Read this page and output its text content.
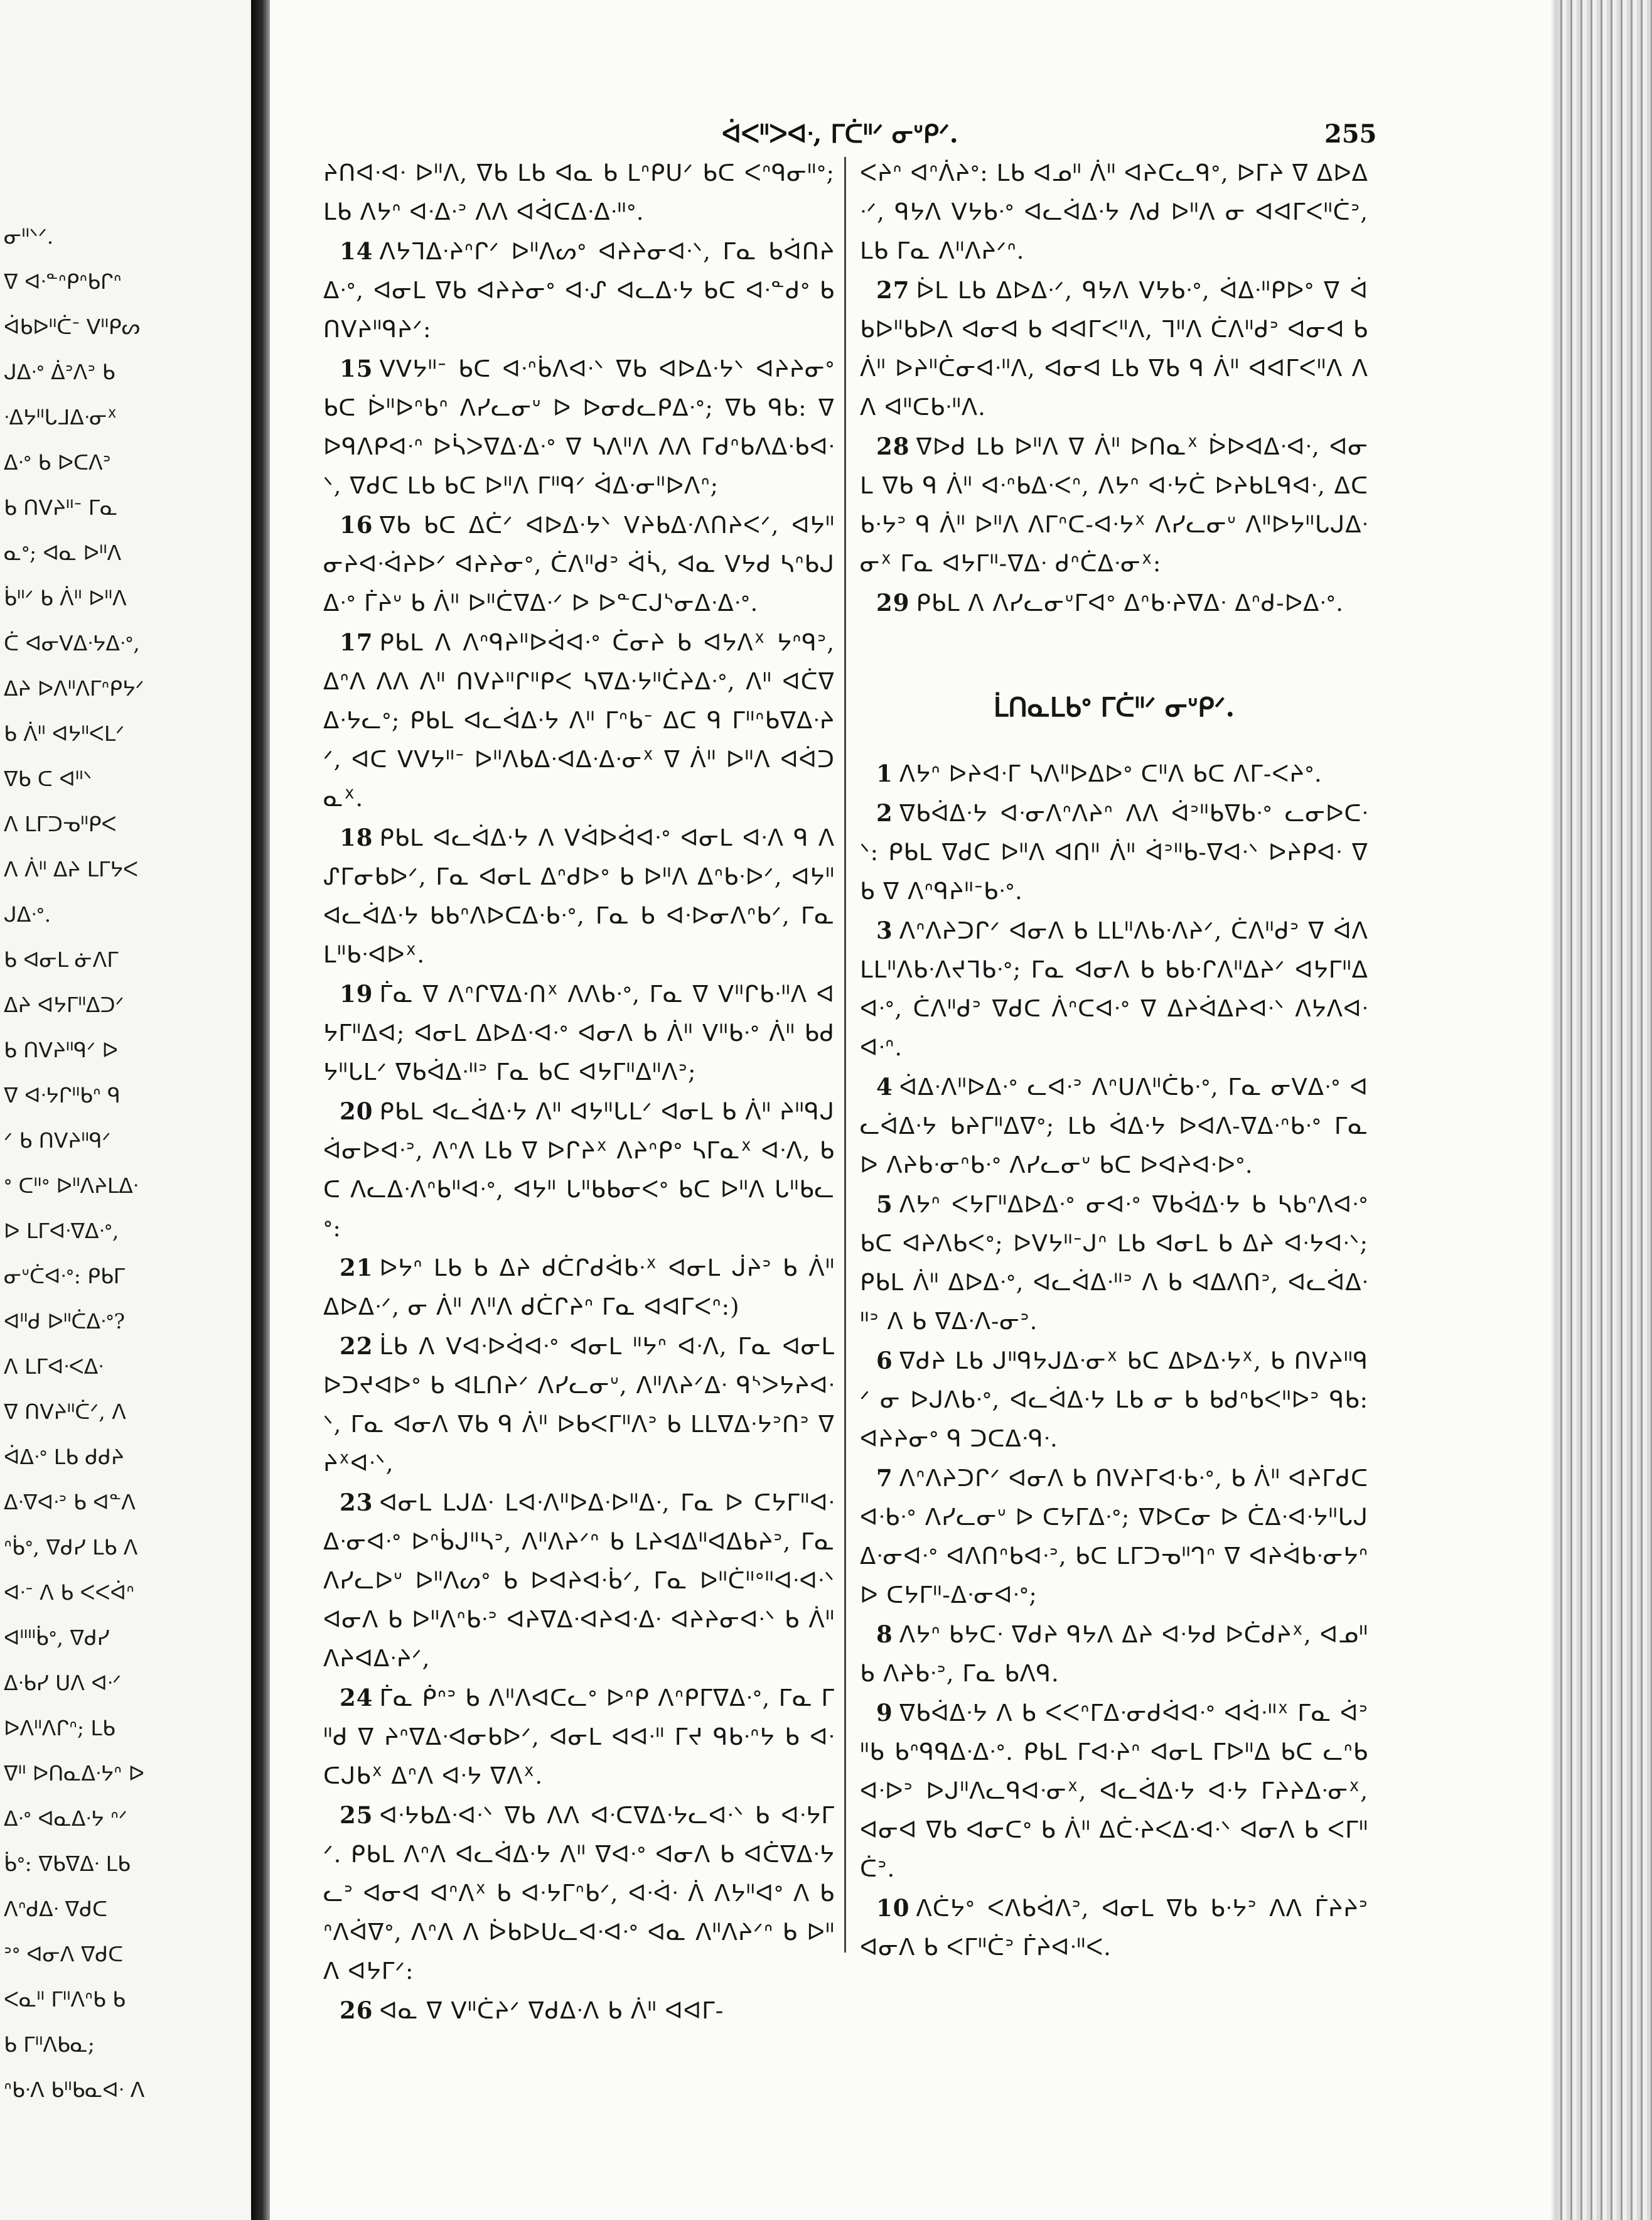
ᓂᐦᐠᐟ.
ᐁ ᐊᐧᓐᐢᑭᐢᑲᒋᐢ
ᐋᑲᐅᐦᑖᐨ ᐯᐦᑭᔕ
ᒍᐃᐧᐤ ᐄᐣᐱᐣ ᑲ
ᐧᐃᔭᐦᒐᒧᐃᐧᓂᕽ
ᐃᐧᐤ ᑲ ᐅᑕᐱᐣ
ᑲ ᑎᐯᔨᐦᐨ ᒥᓇ
ᓇᐤ; ᐊᓇ ᐅᐦᐱ
ᑳᐦᐟ ᑲ ᐲᐦ ᐅᐦᐱ
ᑖ ᐊᓂᐯᐃᐧᔭᐃᐧᐤ,
ᐃᔨ ᐅᐱᐦᐱᒥᐢᑭᔭᐟ
ᑲ ᐲᐦ ᐊᔭᐦᐸᒪᐟ
ᐁᑲ ᑕ ᐊᐦᐠ
ᐱ ᒪᒥᑐᓀᐦᑭᐸ
ᐱ ᐲᐦ ᐃᔨ ᒪᒥᔭᐸ
ᒍᐃᐧᐤ.
ᑲ ᐊᓂᒪ ᓃᐱᒥ
ᐃᔨ ᐊᔭᒥᐦᐃᑐᐟ
ᑲ ᑎᐯᔨᐦᑫᐟ ᐅ
ᐁ ᐊᐧᔭᒋᐦᑲᐢ ᑫ
ᐟ ᑲ ᑎᐯᔨᐦᑫᐟ
ᐤ ᑕᐦᐤ ᐅᐦᐱᔨᒪᐃᐧ
ᐅ ᒪᒥᐊᐧᐁᐃᐧᐤ,
ᓂᐡᑖᐊᐧᐤ: ᑭᑲᒥ
ᐊᐦᑯ ᐅᐦᑖᐃᐧᐤ?
ᐱ ᒪᒥᐊᐧᐸᐃᐧ
ᐁ ᑎᐯᔨᐦᑖᐟ, ᐱ
ᐋᐃᐧᐤ ᒪᑲ ᑯᑯᔨ
ᐃᐧᐁᐊᐧᐣ ᑲ ᐊᓐᐱ
ᐢᑳᐤ, ᐁᑯᓯ ᒪᑲ ᐱ
ᐊᐧᐨ ᐱ ᑲ ᐸᐸᐋᐢ
ᐊᐦᐦᑳᐤ, ᐁᑯᓯ
ᐃᐧᑲᓯ ᑌᐱ ᐊᐧᐟ
ᐅᐱᐦᐱᒋᐢ; ᒪᑲ
ᐁᐦ ᐅᑎᓇᐃᐧᔭᐢ ᐅ
ᐃᐧᐤ ᐊᓇᐃᐧᔭ ᐢᐟ
ᑳᐤ: ᐁᑲᐁᐃᐧ ᒪᑲ
ᐱᐢᑯᐃᐧ ᐁᑯᑕ
ᐣᐤ ᐊᓂᐱ ᐁᑯᑕ
ᐸᓇᐦ ᒥᐦᐱᐢᑲ ᑲ
ᑲ ᒥᐦᐱᑲᓇ;
ᐢᑲᐧᐱ ᑲᐦᑲᓇᐊᐧ ᐱ
ᐋᐸᐦᐳᐊᐧ, ᒥᑖᐦᐟ ᓂᐡᑭᐟ.	255

ᔨᑎᐊᐧᐊᐧ ᐅᐦᐱ, ᐁᑲ ᒪᑲ ᐊᓇ ᑲ ᒪᐢᑭᑌᐟ ᑲᑕ ᐸᐢᑫᓂᐦᐤ; ᒪᑲ ᐱᔭᐢ ᐊᐧᐃᐧᐣ ᐱᐱ ᐊᐋᑕᐃᐧᐃᐧᐦᐤ.

14 ᐱᔭᒣᐃᐧᔨᐢᒋᐟ ᐅᐦᐱᔕᐤ ᐊᔨᔨᓂᐊᐧᐠ, ᒥᓇ ᑲᐋᑎᔨᐃᐧᐤ, ᐊᓂᒪ ᐁᑲ ᐊᔨᔨᓂᐤ ᐊᐧᔑ ᐊᓚᐃᐧᔭ ᑲᑕ ᐊᐧᓐᑯᐤ ᑲ ᑎᐯᔨᐦᑫᔨᐟ:

15 ᐯᐯᔭᐦᐨ ᑲᑕ ᐊᐧᐢᑳᐱᐊᐧᐠ ᐁᑲ ᐊᐅᐃᐧᔭᐠ ᐊᔨᔨᓂᐤ ᑲᑕ ᐆᐦᐅᐢᑲᐢ ᐱᓯᓚᓂᐡ ᐅ ᐅᓂᑯᓚᑭᐃᐧᐤ; ᐁᑲ ᑫᑲ: ᐁ ᐅᑫᐱᑭᐊᐧᐢ ᐅᓵᐳᐁᐃᐧᐃᐧᐤ ᐁ ᓴᐱᐦᐱ ᐱᐱ ᒥᑯᐢᑲᐱᐃᐧᑲᐊᐧᐠ, ᐁᑯᑕ ᒪᑲ ᑲᑕ ᐅᐦᐱ ᒥᐦᑫᐟ ᐋᐃᐧᓂᐦᐅᐱᐢ;

16 ᐁᑲ ᑲᑕ ᐃᑖᐟ ᐊᐅᐃᐧᔭᐠ ᐯᔨᑲᐃᐧᐱᑎᔨᐸᐟ, ᐊᔭᐦ ᓂᔨᐊᐧᐋᔨᐅᐟ ᐊᔨᔨᓂᐤ, ᑖᐱᐦᑯᐣ ᐋᓵ, ᐊᓇ ᐯᔭᑯ ᓴᐢᑲᒍᐃᐧᐤ ᒦᔨᐡ ᑲ ᐲᐦ ᐅᐦᑖᐁᐃᐧᐟ ᐅ ᐅᓐᑕᒍᔅᓂᐃᐧᐃᐧᐤ.

17 ᑭᑲᒪ ᐱ ᐱᐢᑫᔨᐦᐅᐋᐊᐧᐤ ᑖᓂᔨ ᑲ ᐊᔭᐱᕽ ᔭᐢᑫᐣ, ᐃᐢᐱ ᐱᐱ ᐱᐦ ᑎᐯᔨᐦᒋᐦᑭᐸ ᓴᐁᐃᐧᔭᐦᑖᔨᐃᐧᐤ, ᐱᐦ ᐊᑖᐁᐃᐧᔭᓚᐤ; ᑭᑲᒪ ᐊᓚᐋᐃᐧᔭ ᐱᐦ ᒥᐢᑲᐨ ᐃᑕ ᑫ ᒥᐦᐢᑲᐁᐃᐧᔨᐟ, ᐊᑕ ᐯᐯᔭᐦᐨ ᐅᐦᐱᑲᐃᐧᐊᐃᐧᐃᐧᓂᕽ ᐁ ᐲᐦ ᐅᐦᐱ ᐊᐋᑐᓇᕽ.

18 ᑭᑲᒪ ᐊᓚᐋᐃᐧᔭ ᐱ ᐯᐋᐅᐋᐊᐧᐤ ᐊᓂᒪ ᐊᐧᐱ ᑫ ᐱᔑᒥᓂᑲᐅᐟ, ᒥᓇ ᐊᓂᒪ ᐃᐢᑯᐅᐤ ᑲ ᐅᐦᐱ ᐃᐢᑲᐧᐅᐟ, ᐊᔭᐦ ᐊᓚᐋᐃᐧᔭ ᑲᑲᐢᐱᐅᑕᐃᐧᑲᐧᐤ, ᒥᓇ ᑲ ᐊᐧᐅᓂᐱᐢᑲᐟ, ᒥᓇ ᒪᐦᑲᐧᐊᐅᕽ.

19 ᒦᓇ ᐁ ᐱᐢᒋᐁᐃᐧᑎᕽ ᐱᐱᑲᐧᐤ, ᒥᓇ ᐁ ᐯᐦᒋᑲᐧᐦᐱ ᐊᔭᒥᐦᐃᐊ; ᐊᓂᒪ ᐃᐅᐃᐧᐊᐧᐤ ᐊᓂᐱ ᑲ ᐲᐦ ᐯᐦᑲᐧᐤ ᐲᐦ ᑲᑯᔭᐦᒐᒪᐟ ᐁᑲᐋᐃᐧᐦᐣ ᒥᓇ ᑲᑕ ᐊᔭᒥᐦᐃᐦᐱᐣ;

20 ᑭᑲᒪ ᐊᓚᐋᐃᐧᔭ ᐱᐦ ᐊᔭᐦᒐᒪᐟ ᐊᓂᒪ ᑲ ᐲᐦ ᔨᐦᑫᒍᐋᓂᐅᐊᐧᐣ, ᐱᐢᐱ ᒪᑲ ᐁ ᐅᒋᔨᕽ ᐱᔨᐢᑭᐤ ᓴᒥᓇᕽ ᐊᐧᐱ, ᑲᑕ ᐱᓚᐃᐧᐱᐢᑲᐦᐊᐧᐤ, ᐊᔭᐦ ᒐᐦᑲᑲᓂᐸᐤ ᑲᑕ ᐅᐦᐱ ᒐᐦᑲᓚᐤ:

21 ᐅᔭᐢ ᒪᑲ ᑲ ᐃᔨ ᑯᑖᒋᑯᐋᑲᐧᕽ ᐊᓂᒪ ᒎᔨᐣ ᑲ ᐲᐦ ᐃᐅᐃᐧᐟ, ᓂ ᐲᐦ ᐱᐦᐱ ᑯᑖᒋᔨᐢ ᒥᓇ ᐊᐊᒥᐸᐢ:)

22 ᒫᑲ ᐱ ᐯᐊᐧᐅᐋᐊᐧᐤ ᐊᓂᒪ ᐦᔭᐢ ᐊᐧᐱ, ᒥᓇ ᐊᓂᒪ ᐅᑐᔪᐊᐅᐤ ᑲ ᐊᒪᑎᔨᐟ ᐱᓯᓚᓂᐡ, ᐱᐦᐱᔨᐟᐃᐧ ᑫᔅᐳᔭᔨᐊᐧᐠ, ᒥᓇ ᐊᓂᐱ ᐁᑲ ᑫ ᐲᐦ ᐅᑲᐸᒥᐦᐱᐣ ᑲ ᒪᒪᐁᐃᐧᔭᐣᑎᐣ ᐁᔨᕽᐊᐧᐠ,

23 ᐊᓂᒪ ᒪᒍᐃᐧ ᒪᐊᐧᐱᐦᐅᐃᐧᐅᐦᐃᐧ, ᒥᓇ ᐅ ᑕᔭᒥᐦᐊᐧᐃᐧᓂᐊᐧᐤ ᐅᐢᑳᒍᐦᓴᐣ, ᐱᐦᐱᔨᐟᐢ ᑲ ᒪᔨᐊᐃᐦᐊᐃᑲᔨᐣ, ᒥᓇ ᐱᓯᓚᐅᐡ ᐅᐦᐱᔕᐤ ᑲ ᐅᐊᔨᐊᐧᑳᐟ, ᒥᓇ ᐅᐦᑖᐦᐤᐦᐊᐧᐊᐧᐠ ᐊᓂᐱ ᑲ ᐅᐦᐱᐢᑲᐧᐣ ᐊᔨᐁᐃᐧᐊᔨᐊᐧᐃᐧ ᐊᔨᔨᓂᐊᐧᐠ ᑲ ᐲᐦ ᐱᔨᐊᐃᐧᔨᐟ,

24 ᒦᓇ ᑮᐢᐣ ᑲ ᐱᐦᐱᐊᑕᓚᐤ ᐅᐢᑭ ᐱᐢᑭᒥᐁᐃᐧᐤ, ᒥᓇ ᒥᐦᑯ ᐁ ᔨᐢᐁᐃᐧᐊᓂᑲᐅᐟ, ᐊᓂᒪ ᐊᐊᐧᐦ ᒥᔪ ᑫᑲᐧᐢᔭ ᑲ ᐊᐧᑕᒍᑲᕽ ᐃᐢᐱ ᐊᐧᔭ ᐁᐱᕽ.

25 ᐊᐧᔭᑲᐃᐧᐊᐧᐠ ᐁᑲ ᐱᐱ ᐊᐧᑕᐁᐃᐧᔭᓚᐊᐧᐠ ᑲ ᐊᐧᔭᒥᐟ. ᑭᑲᒪ ᐱᐢᐱ ᐊᓚᐋᐃᐧᔭ ᐱᐦ ᐁᐊᐧᐤ ᐊᓂᐱ ᑲ ᐊᑖᐁᐃᐧᔭᓚᐣ ᐊᓂᐊ ᐊᐢᐱᕽ ᑲ ᐊᐧᔭᒥᐢᑲᐟ, ᐊᐧᐋᐧ ᐲ ᐱᔭᐦᐊᐤ ᐱ ᑲ ᐢᐱᐋᐁᐤ, ᐱᐢᐱ ᐱ ᐆᑲᐅᑌᓚᐊᐧᐊᐧᐤ ᐊᓇ ᐱᐦᐱᔨᐟᐢ ᑲ ᐅᐦᐱ ᐊᔭᒥᐟ:

26 ᐊᓇ ᐁ ᐯᐦᑖᔨᐟ ᐁᑯᐃᐧᐱ ᑲ ᐲᐦ ᐊᐊᒥ-

ᐸᔨᐢ ᐊᐢᐲᔨᐤ: ᒪᑲ ᐊᓄᐦ ᐲᐦ ᐊᔨᑕᓚᑫᐤ, ᐅᒥᔨ ᐁ ᐃᐅᐃᐧᐟ, ᑫᔭᐱ ᐯᔭᑲᐧᐤ ᐊᓚᐋᐃᐧᔭ ᐱᑯ ᐅᐦᐱ ᓂ ᐊᐊᒥᐸᐦᑖᐣ, ᒪᑲ ᒥᓇ ᐱᐦᐱᔨᐟᐢ.

27 ᐆᒪ ᒪᑲ ᐃᐅᐃᐧᐟ, ᑫᔭᐱ ᐯᔭᑲᐧᐤ, ᐋᐃᐧᐦᑭᐅᐤ ᐁ ᐋᑲᐅᐦᑲᐅᐱ ᐊᓂᐊ ᑲ ᐊᐊᒥᐸᐦᐱ, ᒣᐦᐱ ᑖᐱᐦᑯᐣ ᐊᓂᐊ ᑲ ᐲᐦ ᐅᔨᐦᑖᓂᐊᐧᐦᐱ, ᐊᓂᐊ ᒪᑲ ᐁᑲ ᑫ ᐲᐦ ᐊᐊᒥᐸᐦᐱ ᐱᐱ ᐊᐦᑕᑲᐧᐦᐱ.

28 ᐁᐅᑯ ᒪᑲ ᐅᐦᐱ ᐁ ᐲᐦ ᐅᑎᓇᕽ ᐆᐅᐊᐃᐧᐊᐧ, ᐊᓂᒪ ᐁᑲ ᑫ ᐲᐦ ᐊᐧᐢᑲᐃᐧᐸᐢ, ᐱᔭᐢ ᐊᐧᔭᑖ ᐅᔨᑲᒪᑫᐊᐧ, ᐃᑕ ᑲᐧᔭᐣ ᑫ ᐲᐦ ᐅᐦᐱ ᐱᒥᐢᑕ-ᐊᐧᔭᕽ ᐱᓯᓚᓂᐡ ᐱᐦᐅᔭᐦᒐᒍᐃᐧᓂᕽ ᒥᓇ ᐊᔭᒥᐦ-ᐁᐃᐧ ᑯᐢᑖᐃᐧᓂᕽ:

29 ᑭᑲᒪ ᐱ ᐱᓯᓚᓂᐡᒥᐊᐤ ᐃᐢᑲᐧᔨᐁᐃᐧ ᐃᐢᑯ-ᐅᐃᐧᐤ.

ᒫᑎᓇᒪᑲᐤ ᒥᑖᐦᐟ ᓂᐡᑭᐟ.

1 ᐱᔭᐢ ᐅᔨᐊᐧᒥ ᓴᐱᐦᐅᐃᐅᐤ ᑕᐦᐱ ᑲᑕ ᐱᒥ-ᐸᔨᐤ.

2 ᐁᑲᐋᐃᐧᔭ ᐊᐧᓂᐱᐢᐱᔨᐢ ᐱᐱ ᐋᐣᐦᑲᐁᑲᐧᐤ ᓚᓂᐅᑕᐧᐠ: ᑭᑲᒪ ᐁᑯᑕ ᐅᐦᐱ ᐊᑎᐦ ᐲᐦ ᐋᐣᐦᑲ-ᐁᐊᐧᐠ ᐅᔨᑭᐊᐧ ᐁᑲ ᐁ ᐱᐢᑫᔨᐦᐨᑲᐧᐤ.

3 ᐱᐢᐱᔨᑐᒋᐟ ᐊᓂᐱ ᑲ ᒪᒪᐦᐱᑲᐧᐱᔨᐟ, ᑖᐱᐦᑯᐣ ᐁ ᐋᐱ ᒪᒪᐦᐱᑲᐧᐱᔪᒣᑲᐧᐤ; ᒥᓇ ᐊᓂᐱ ᑲ ᑲᑲᐧᒋᐱᐦᐃᔨᐟ ᐊᔭᒥᐦᐃᐊᐧᐤ, ᑖᐱᐦᑯᐣ ᐁᑯᑕ ᐲᐢᑕᐊᐧᐤ ᐁ ᐃᔨᐋᐃᔨᐊᐧᐠ ᐱᔭᐱᐊᐧᐊᐧᐢ.

4 ᐋᐃᐧᐱᐦᐅᐃᐧᐤ ᓚᐊᐧᐣ ᐱᐢᑌᐱᐦᑖᑲᐧᐤ, ᒥᓇ ᓂᐯᐃᐧᐤ ᐊᓚᐋᐃᐧᔭ ᑲᔨᒥᐦᐃᐁᐤ; ᒪᑲ ᐋᐃᐧᔭ ᐅᐊᐱ-ᐁᐃᐧᐢᑲᐧᐤ ᒥᓇ ᐅ ᐱᔨᑲᐧᓂᐢᑲᐧᐤ ᐱᓯᓚᓂᐡ ᑲᑕ ᐅᐊᔨᐊᐧᐅᐤ.

5 ᐱᔭᐢ ᐸᔭᒥᐦᐃᐅᐃᐧᐤ ᓂᐊᐧᐤ ᐁᑲᐋᐃᐧᔭ ᑲ ᓴᑲᐢᐱᐊᐧᐤ ᑲᑕ ᐊᔨᐱᑲᐸᐤ; ᐅᐯᔭᐦᐨᒍᐢ ᒪᑲ ᐊᓂᒪ ᑲ ᐃᔨ ᐊᐧᔭᐊᐧᐠ; ᑭᑲᒪ ᐲᐦ ᐃᐅᐃᐧᐤ, ᐊᓚᐋᐃᐧᐦᐣ ᐱ ᑲ ᐊᐃᐱᑎᐣ, ᐊᓚᐋᐃᐧᐦᐣ ᐱ ᑲ ᐁᐃᐧᐱ-ᓂᐣ.

6 ᐁᑯᔨ ᒪᑲ ᒍᐦᑫᔭᒍᐃᐧᓂᕽ ᑲᑕ ᐃᐅᐃᐧᔭᕽ, ᑲ ᑎᐯᔨᐦᑫᐟ ᓂ ᐅᒍᐱᑲᐧᐤ, ᐊᓚᐋᐃᐧᔭ ᒪᑲ ᓂ ᑲ ᑲᑯᐢᑲᐸᐦᐅᐣ ᑫᑲ: ᐊᔨᔨᓂᐤ ᑫ ᑐᑕᐃᐧᑫᐧ.

7 ᐱᐢᐱᔨᑐᒋᐟ ᐊᓂᐱ ᑲ ᑎᐯᔨᒥᐊᐧᑲᐧᐤ, ᑲ ᐲᐦ ᐊᔨᒥᑯᑕᐊᐧᑲᐧᐤ ᐱᓯᓚᓂᐡ ᐅ ᑕᔭᒥᐃᐧᐤ; ᐁᐅᑕᓂ ᐅ ᑖᐃᐧᐊᐧᔭᐦᒐᒍᐃᐧᓂᐊᐧᐤ ᐊᐱᑎᐢᑲᐊᐧᐣ, ᑲᑕ ᒪᒥᑐᓀᐦᒉᐢ ᐁ ᐊᔨᐋᑲᐧᓂᔭᐢ ᐅ ᑕᔭᒥᐦ-ᐃᐧᓂᐊᐧᐤ;

8 ᐱᔭᐢ ᑲᔭᑕᐧ ᐁᑯᔨ ᑫᔭᐱ ᐃᔨ ᐊᐧᔭᑯ ᐅᑖᑯᔨᕽ, ᐊᓄᐦ ᑲ ᐱᔨᑲᐧᐣ, ᒥᓇ ᑲᐱᑫ.

9 ᐁᑲᐋᐃᐧᔭ ᐱ ᑲ ᐸᐸᐢᒥᐃᐧᓂᑯᐋᐊᐧᐤ ᐊᐋᐧᐦᕽ ᒥᓇ ᐋᐣᐦᑲ ᑲᐢᑫᑫᐃᐧᐃᐧᐤ. ᑭᑲᒪ ᒥᐊᐧᔨᐢ ᐊᓂᒪ ᒥᐅᐦᐃ ᑲᑕ ᓚᐢᑲᐊᐧᐅᐣ ᐅᒍᐦᐱᓚᑫᐊᐧᓂᕽ, ᐊᓚᐋᐃᐧᔭ ᐊᐧᔭ ᒥᔨᔨᐃᐧᓂᕽ, ᐊᓂᐊ ᐁᑲ ᐊᓂᑕᐤ ᑲ ᐲᐦ ᐃᑖᐧᔨᐸᐃᐧᐊᐧᐠ ᐊᓂᐱ ᑲ ᐸᒥᐦᑖᐣ.

10 ᐱᑖᔭᐤ ᐸᐱᑲᐋᐱᐣ, ᐊᓂᒪ ᐁᑲ ᑲᐧᔭᐣ ᐱᐱ ᒦᔨᔨᐣ ᐊᓂᐱ ᑲ ᐸᒥᐦᑖᐣ ᒦᔨᐊᐧᐦᐸ.
